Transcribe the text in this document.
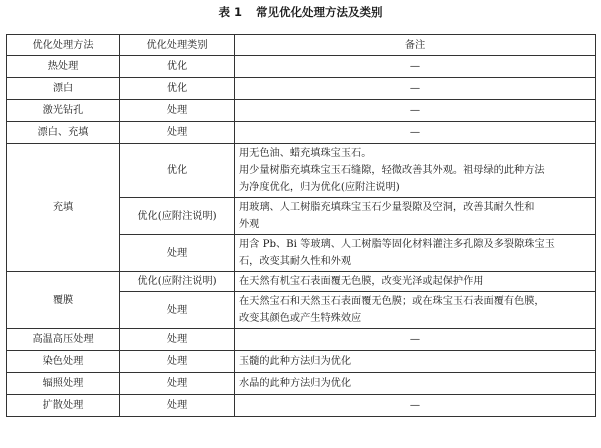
表 1 常见优化处理方法及类别
优化处理方法	优化处理类别	备注
热处理	优化	—
漂白	优化	—
激光钻孔	处理	—
漂白、充填	处理	—
充填	优化	用无色油、蜡充填珠宝玉石。
用少量树脂充填珠宝玉石缝隙，轻微改善其外观。祖母绿的此种方法
为净度优化，归为优化(应附注说明)

	优化(应附注说明)	用玻璃、人工树脂充填珠宝玉石少量裂隙及空洞，改善其耐久性和
外观

	处理	用含 Pb、Bi 等玻璃、人工树脂等固化材料灌注多孔隙及多裂隙珠宝玉
石，改变其耐久性和外观

覆膜	优化(应附注说明)	在天然有机宝石表面覆无色膜，改变光泽或起保护作用

	处理	在天然宝石和天然玉石表面覆无色膜；或在珠宝玉石表面覆有色膜，
改变其颜色或产生特殊效应

高温高压处理	处理	—
染色处理	处理	玉髓的此种方法归为优化
辐照处理	处理	水晶的此种方法归为优化
扩散处理	处理	—
